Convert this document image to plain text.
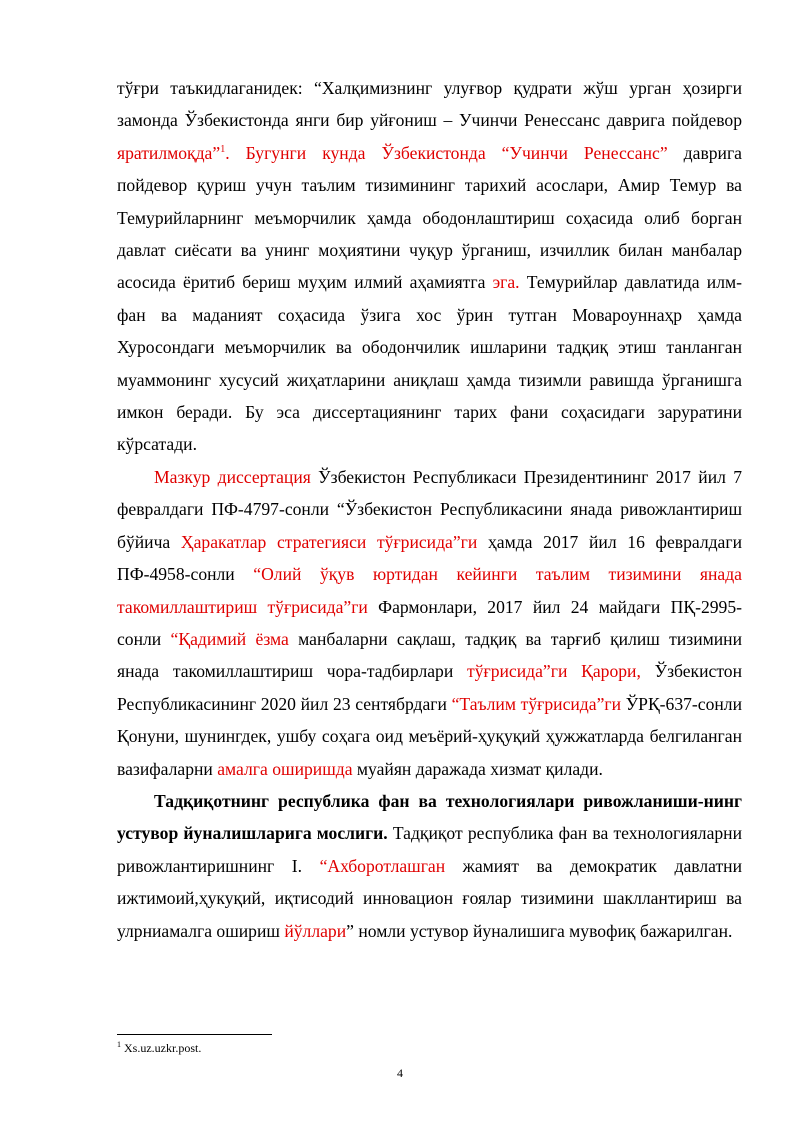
тўғри таъкидлаганидек: “Халқимизнинг улуғвор қудрати жўш урган ҳозирги замонда Ўзбекистонда янги бир уйғониш – Учинчи Ренессанс даврига пойдевор яратилмоқда”$^1$. Бугунги кунда Ўзбекистонда “Учинчи Ренессанс” даврига пойдевор қуриш учун таълим тизимининг тарихий асослари, Амир Темур ва Темурийларнинг меъморчилик ҳамда ободонлаштириш соҳасида олиб борган давлат сиёсати ва унинг моҳиятини чуқур ўрганиш, изчиллик билан манбалар асосида ёритиб бериш муҳим илмий аҳамиятга эга. Темурийлар давлатида илм-фан ва маданият соҳасида ўзига хос ўрин тутган Мовароуннаҳр ҳамда Хуросондаги меъморчилик ва ободончилик ишларини тадқиқ этиш танланган муаммонинг хусусий жиҳатларини аниқлаш ҳамда тизимли равишда ўрганишга имкон беради. Бу эса диссертациянинг тарих фани соҳасидаги заруратини кўрсатади.

Мазкур диссертация Ўзбекистон Республикаси Президентининг 2017 йил 7 февралдаги ПФ-4797-сонли “Ўзбекистон Республикасини янада ривожлантириш бўйича Ҳаракатлар стратегияси тўғрисида”ги ҳамда 2017 йил 16 февралдаги ПФ-4958-сонли “Олий ўқув юртидан кейинги таълим тизимини янада такомиллаштириш тўғрисида”ги Фармонлари, 2017 йил 24 майдаги ПҚ-2995-сонли “Қадимий ёзма манбаларни сақлаш, тадқиқ ва тарғиб қилиш тизимини янада такомиллаштириш чора-тадбирлари тўғрисида”ги Қарори, Ўзбекистон Республикасининг 2020 йил 23 сентябрдаги “Таълим тўғрисида”ги ЎРҚ-637-сонли Қонуни, шунингдек, ушбу соҳага оид меъёрий-ҳуқуқий ҳужжатларда белгиланган вазифаларни амалга оширишда муайян даражада хизмат қилади.

Тадқиқотнинг республика фан ва технологиялари ривожланиши-нинг устувор йуналишларига мослиги. Тадқиқот республика фан ва технологияларни ривожлантиришнинг I. “Ахборотлашган жамият ва демократик давлатни ижтимоий,ҳукуқий, иқтисодий инновацион ғоялар тизимини шакллантириш ва улрниамалга ошириш йўллари” номли устувор йуналишига мувофиқ бажарилган.

$^1$ Xs.uz.uzkr.post.
4
